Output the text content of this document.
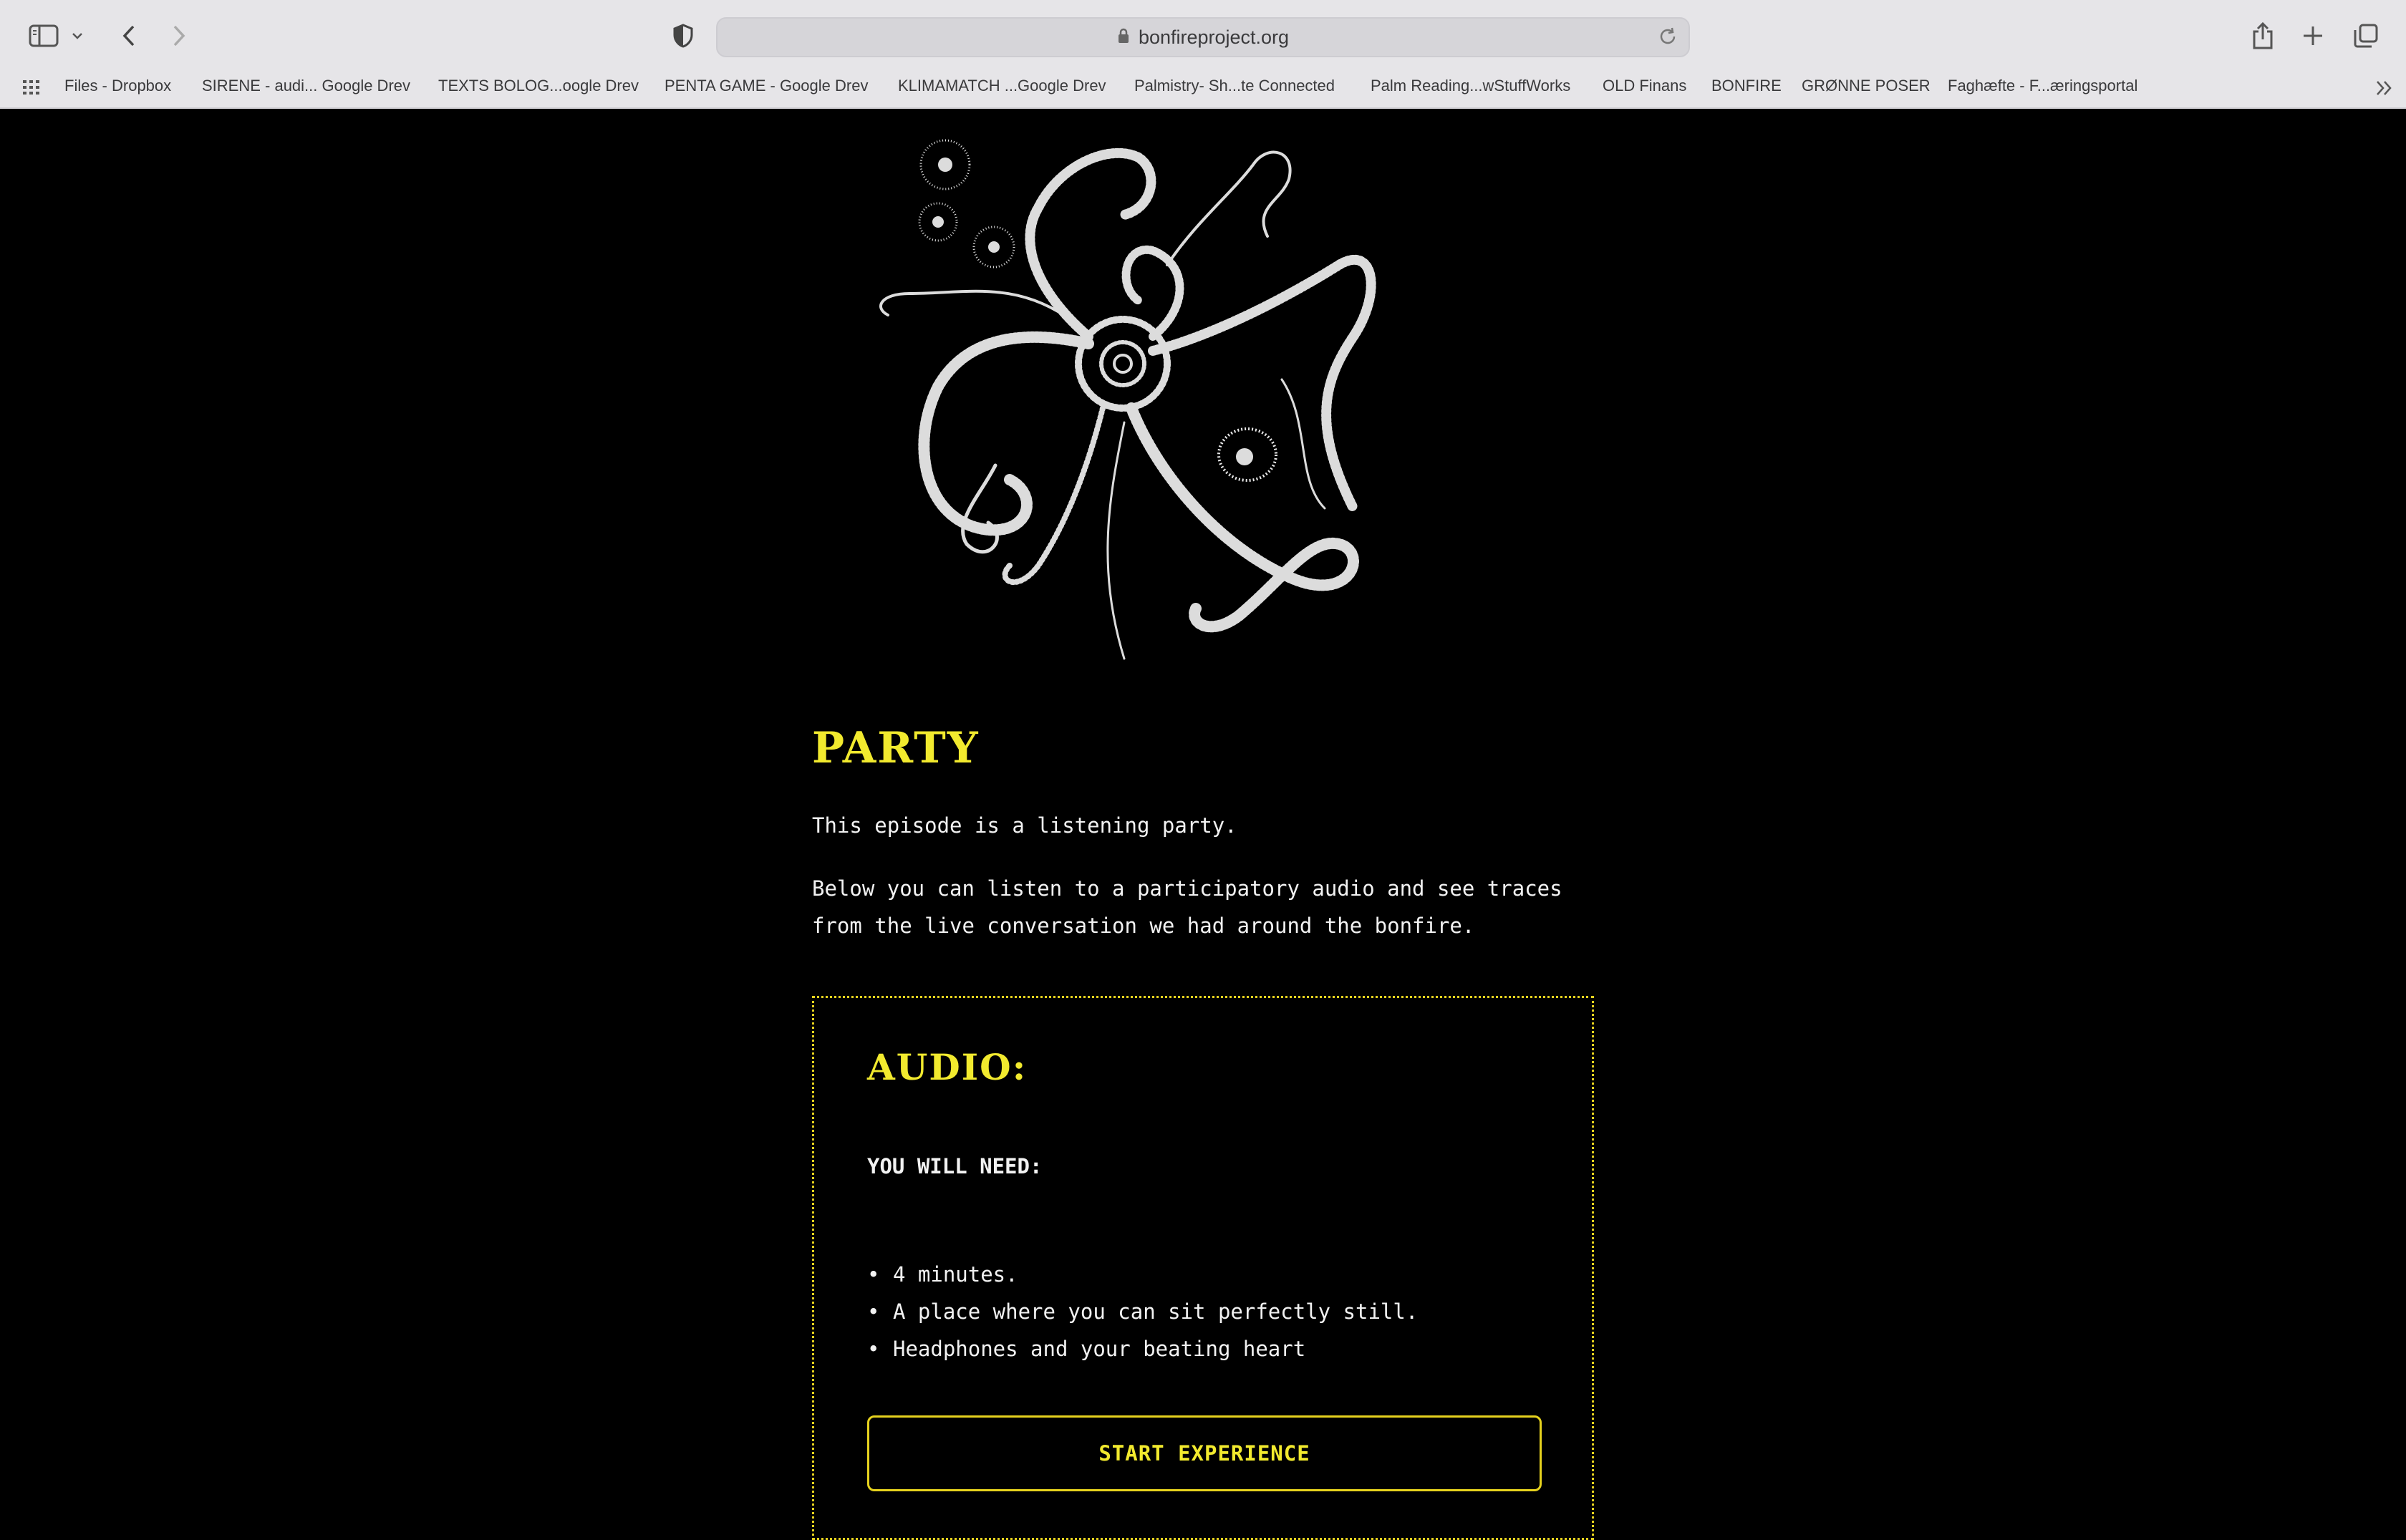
bonfireproject.org
Files - Dropbox SIRENE - audi... Google Drev TEXTS BOLOG...oogle Drev PENTA GAME - Google Drev KLIMAMATCH ...Google Drev Palmistry- Sh...te Connected Palm Reading...wStuffWorks OLD Finans BONFIRE GRØNNE POSER Faghæfte - F...æringsportal
PARTY

This episode is a listening party.

Below you can listen to a participatory audio and see traces

from the live conversation we had around the bonfire.

AUDIO:

YOU WILL NEED:

• 4 minutes.
• A place where you can sit perfectly still.
• Headphones and your beating heart
START EXPERIENCE
